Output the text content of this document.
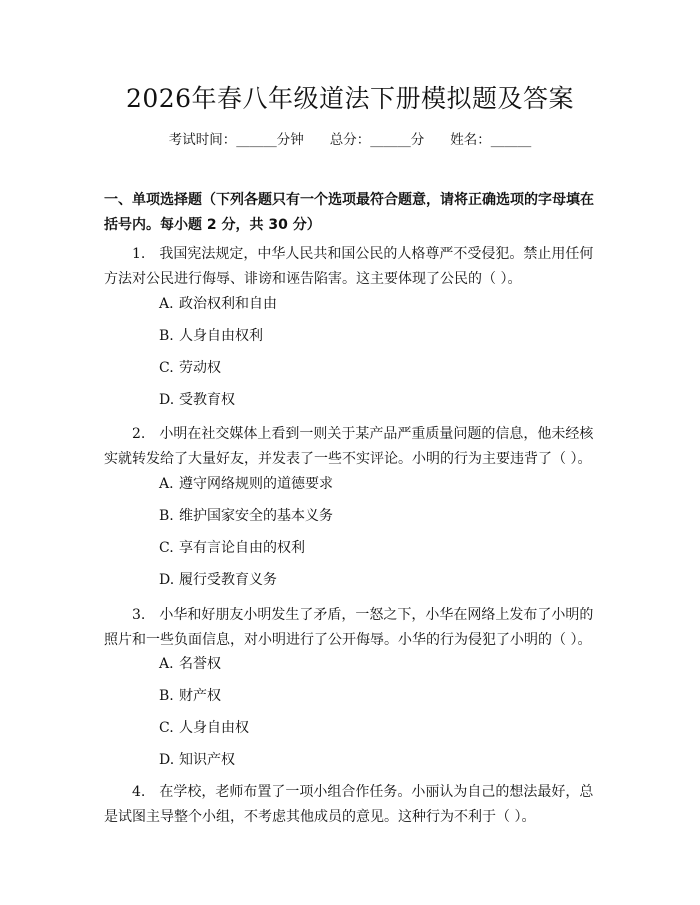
2026年春八年级道法下册模拟题及答案
考试时间：______分钟 总分：______分 姓名：______
一、单项选择题（下列各题只有一个选项最符合题意，请将正确选项的字母填在括号内。每小题 2 分，共 30 分）
1.　我国宪法规定，中华人民共和国公民的人格尊严不受侵犯。禁止用任何方法对公民进行侮辱、诽谤和诬告陷害。这主要体现了公民的（ ）。
A. 政治权利和自由
B. 人身自由权利
C. 劳动权
D. 受教育权
2.　小明在社交媒体上看到一则关于某产品严重质量问题的信息，他未经核实就转发给了大量好友，并发表了一些不实评论。小明的行为主要违背了（ ）。
A. 遵守网络规则的道德要求
B. 维护国家安全的基本义务
C. 享有言论自由的权利
D. 履行受教育义务
3.　小华和好朋友小明发生了矛盾，一怒之下，小华在网络上发布了小明的照片和一些负面信息，对小明进行了公开侮辱。小华的行为侵犯了小明的（ ）。
A. 名誉权
B. 财产权
C. 人身自由权
D. 知识产权
4.　在学校，老师布置了一项小组合作任务。小丽认为自己的想法最好，总是试图主导整个小组，不考虑其他成员的意见。这种行为不利于（ ）。
